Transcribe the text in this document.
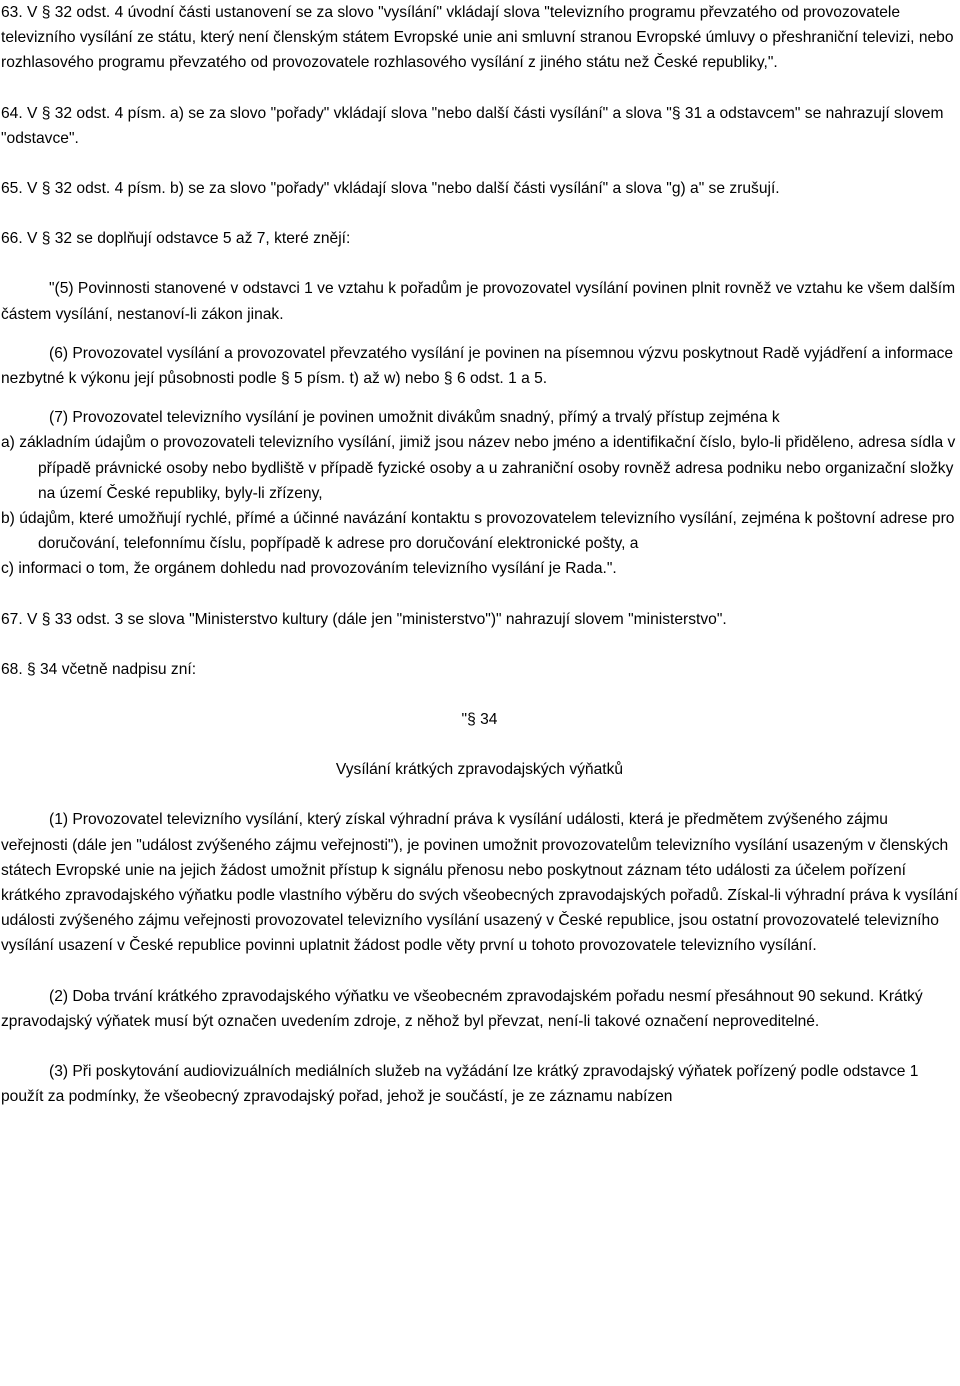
63. V § 32 odst. 4 úvodní části ustanovení se za slovo "vysílání" vkládají slova "televizního programu převzatého od provozovatele televizního vysílání ze státu, který není členským státem Evropské unie ani smluvní stranou Evropské úmluvy o přeshraniční televizi, nebo rozhlasového programu převzatého od provozovatele rozhlasového vysílání z jiného státu než České republiky,".

64. V § 32 odst. 4 písm. a) se za slovo "pořady" vkládají slova "nebo další části vysílání" a slova "§ 31 a odstavcem" se nahrazují slovem "odstavce".

65. V § 32 odst. 4 písm. b) se za slovo "pořady" vkládají slova "nebo další části vysílání" a slova "g) a" se zrušují.

66. V § 32 se doplňují odstavce 5 až 7, které znějí:

"(5) Povinnosti stanovené v odstavci 1 ve vztahu k pořadům je provozovatel vysílání povinen plnit rovněž ve vztahu ke všem dalším částem vysílání, nestanoví-li zákon jinak.

(6) Provozovatel vysílání a provozovatel převzatého vysílání je povinen na písemnou výzvu poskytnout Radě vyjádření a informace nezbytné k výkonu její působnosti podle § 5 písm. t) až w) nebo § 6 odst. 1 a 5.

(7) Provozovatel televizního vysílání je povinen umožnit divákům snadný, přímý a trvalý přístup zejména k

a) základním údajům o provozovateli televizního vysílání, jimiž jsou název nebo jméno a identifikační číslo, bylo-li přiděleno, adresa sídla v případě právnické osoby nebo bydliště v případě fyzické osoby a u zahraniční osoby rovněž adresa podniku nebo organizační složky na území České republiky, byly-li zřízeny,

b) údajům, které umožňují rychlé, přímé a účinné navázání kontaktu s provozovatelem televizního vysílání, zejména k poštovní adrese pro doručování, telefonnímu číslu, popřípadě k adrese pro doručování elektronické pošty, a

c) informaci o tom, že orgánem dohledu nad provozováním televizního vysílání je Rada.".

67. V § 33 odst. 3 se slova "Ministerstvo kultury (dále jen "ministerstvo")" nahrazují slovem "ministerstvo".

68. § 34 včetně nadpisu zní:

"§ 34

Vysílání krátkých zpravodajských výňatků

(1) Provozovatel televizního vysílání, který získal výhradní práva k vysílání události, která je předmětem zvýšeného zájmu veřejnosti (dále jen "událost zvýšeného zájmu veřejnosti"), je povinen umožnit provozovatelům televizního vysílání usazeným v členských státech Evropské unie na jejich žádost umožnit přístup k signálu přenosu nebo poskytnout záznam této události za účelem pořízení krátkého zpravodajského výňatku podle vlastního výběru do svých všeobecných zpravodajských pořadů. Získal-li výhradní práva k vysílání události zvýšeného zájmu veřejnosti provozovatel televizního vysílání usazený v České republice, jsou ostatní provozovatelé televizního vysílání usazení v České republice povinni uplatnit žádost podle věty první u tohoto provozovatele televizního vysílání.

(2) Doba trvání krátkého zpravodajského výňatku ve všeobecném zpravodajském pořadu nesmí přesáhnout 90 sekund. Krátký zpravodajský výňatek musí být označen uvedením zdroje, z něhož byl převzat, není-li takové označení neproveditelné.

(3) Při poskytování audiovizuálních mediálních služeb na vyžádání lze krátký zpravodajský výňatek pořízený podle odstavce 1 použít za podmínky, že všeobecný zpravodajský pořad, jehož je součástí, je ze záznamu nabízen
